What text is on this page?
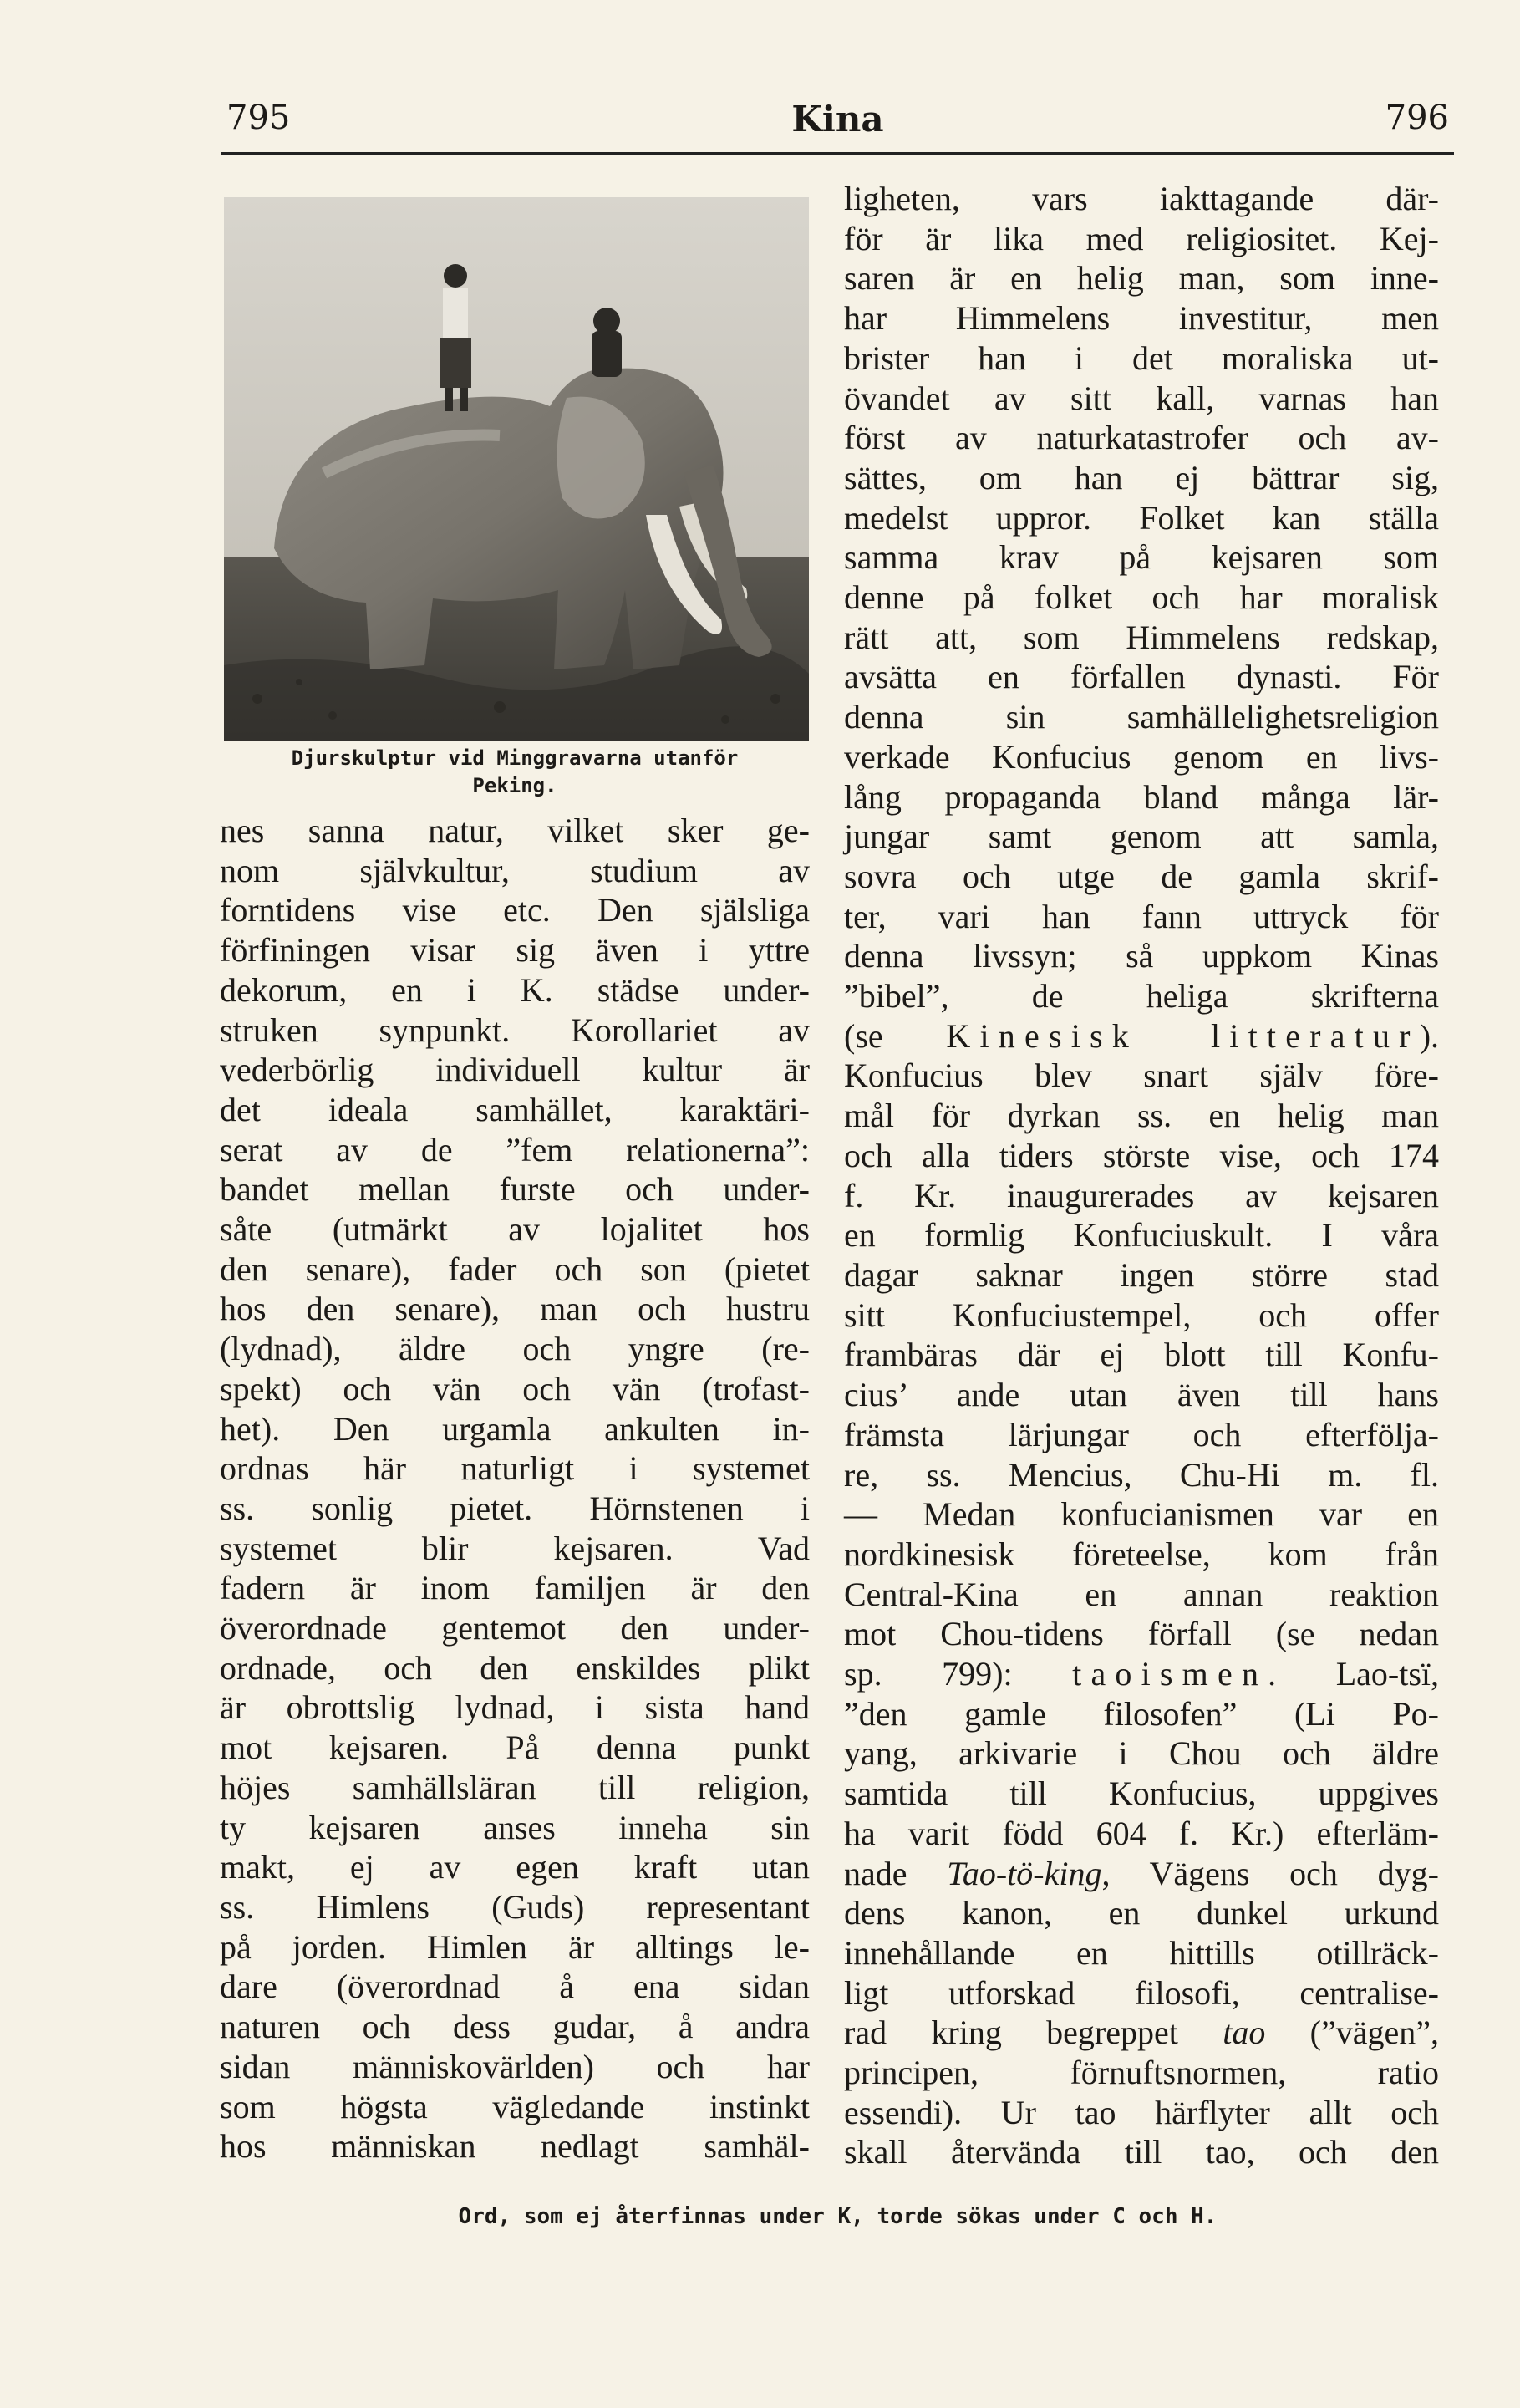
795	Kina	796
Djurskulptur vid Minggravarna utanför
Peking.
nes sanna natur, vilket sker ge-
nom självkultur, studium av
forntidens vise etc. Den själsliga
förfiningen visar sig även i yttre
dekorum, en i K. städse under-
struken synpunkt. Korollariet av
vederbörlig individuell kultur är
det ideala samhället, karaktäri-
serat av de ”fem relationerna”:
bandet mellan furste och under-
såte (utmärkt av lojalitet hos
den senare), fader och son (pietet
hos den senare), man och hustru
(lydnad), äldre och yngre (re-
spekt) och vän och vän (trofast-
het). Den urgamla ankulten in-
ordnas här naturligt i systemet
ss. sonlig pietet. Hörnstenen i
systemet blir kejsaren. Vad
fadern är inom familjen är den
överordnade gentemot den under-
ordnade, och den enskildes plikt
är obrottslig lydnad, i sista hand
mot kejsaren. På denna punkt
höjes samhällsläran till religion,
ty kejsaren anses inneha sin
makt, ej av egen kraft utan
ss. Himlens (Guds) representant
på jorden. Himlen är alltings le-
dare (överordnad å ena sidan
naturen och dess gudar, å andra
sidan människovärlden) och har
som högsta vägledande instinkt
hos människan nedlagt samhäl-
ligheten, vars iakttagande där-
för är lika med religiositet. Kej-
saren är en helig man, som inne-
har Himmelens investitur, men
brister han i det moraliska ut-
övandet av sitt kall, varnas han
först av naturkatastrofer och av-
sättes, om han ej bättrar sig,
medelst uppror. Folket kan ställa
samma krav på kejsaren som
denne på folket och har moralisk
rätt att, som Himmelens redskap,
avsätta en förfallen dynasti. För
denna sin samhällelighetsreligion
verkade Konfucius genom en livs-
lång propaganda bland många lär-
jungar samt genom att samla,
sovra och utge de gamla skrif-
ter, vari han fann uttryck för
denna livssyn; så uppkom Kinas
”bibel”, de heliga skrifterna
(se Kinesisk litteratur).
Konfucius blev snart själv före-
mål för dyrkan ss. en helig man
och alla tiders störste vise, och 174
f. Kr. inaugurerades av kejsaren
en formlig Konfuciuskult. I våra
dagar saknar ingen större stad
sitt Konfuciustempel, och offer
frambäras där ej blott till Konfu-
cius’ ande utan även till hans
främsta lärjungar och efterfölja-
re, ss. Mencius, Chu-Hi m. fl.
— Medan konfucianismen var en
nordkinesisk företeelse, kom från
Central-Kina en annan reaktion
mot Chou-tidens förfall (se nedan
sp. 799): taoismen. Lao-tsï,
”den gamle filosofen” (Li Po-
yang, arkivarie i Chou och äldre
samtida till Konfucius, uppgives
ha varit född 604 f. Kr.) efterläm-
nade Tao-tö-king, Vägens och dyg-
dens kanon, en dunkel urkund
innehållande en hittills otillräck-
ligt utforskad filosofi, centralise-
rad kring begreppet tao (”vägen”,
principen, förnuftsnormen, ratio
essendi). Ur tao härflyter allt och
skall återvända till tao, och den
Ord, som ej återfinnas under K, torde sökas under C och H.
